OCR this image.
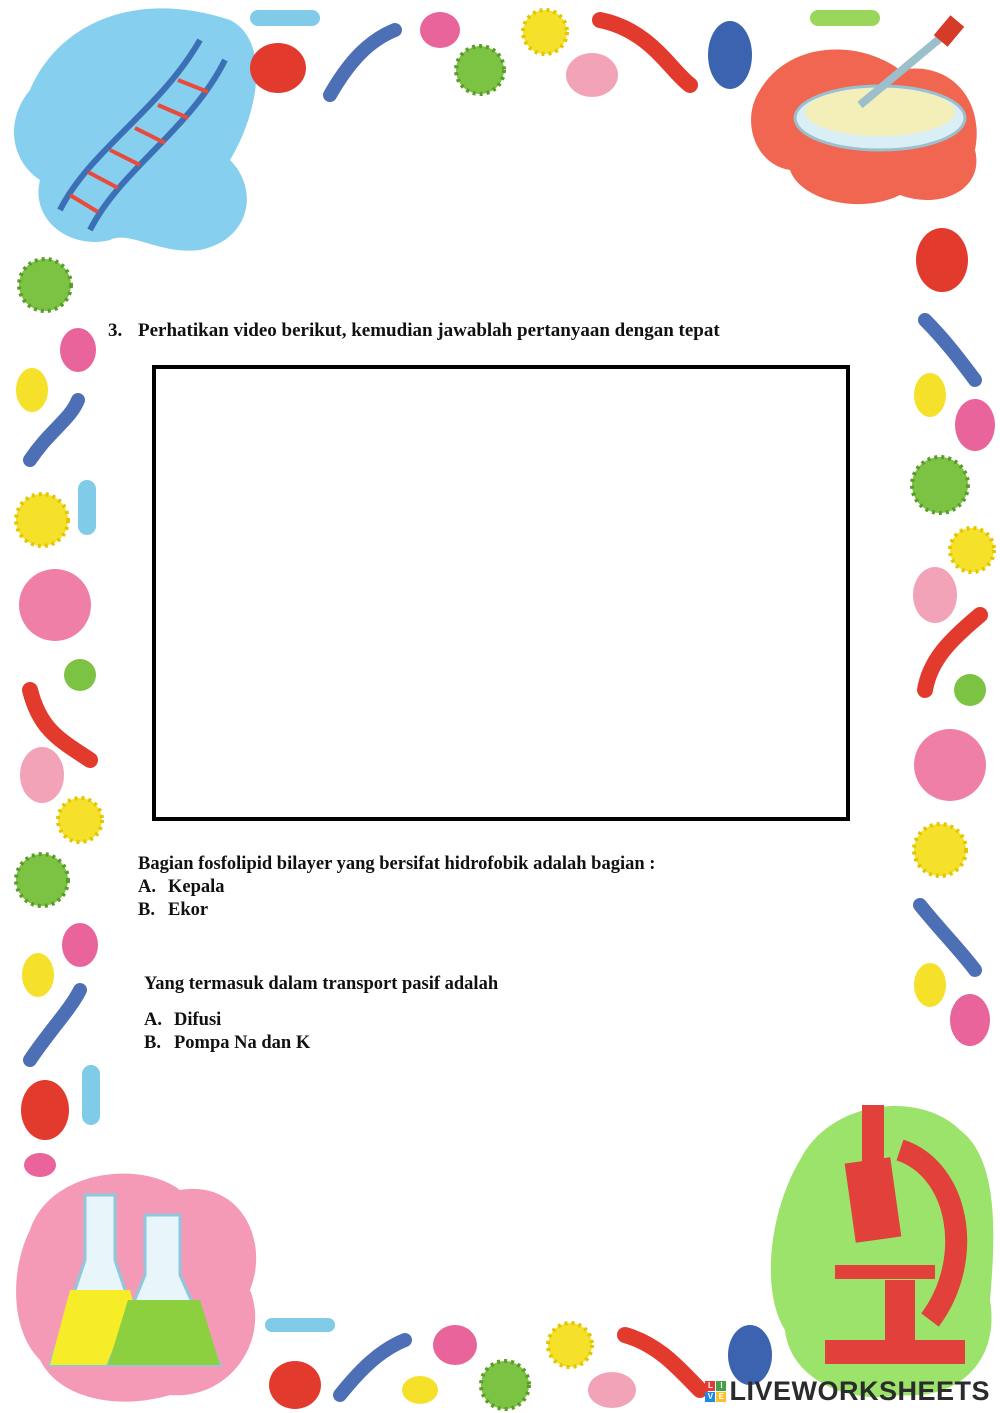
3. Perhatikan video berikut, kemudian jawablah pertanyaan dengan tepat
Bagian fosfolipid bilayer yang bersifat hidrofobik adalah bagian :
A. Kepala
B. Ekor
Yang termasuk dalam transport pasif adalah
A. Difusi
B. Pompa Na dan K
L I
V E LIVEWORKSHEETS
